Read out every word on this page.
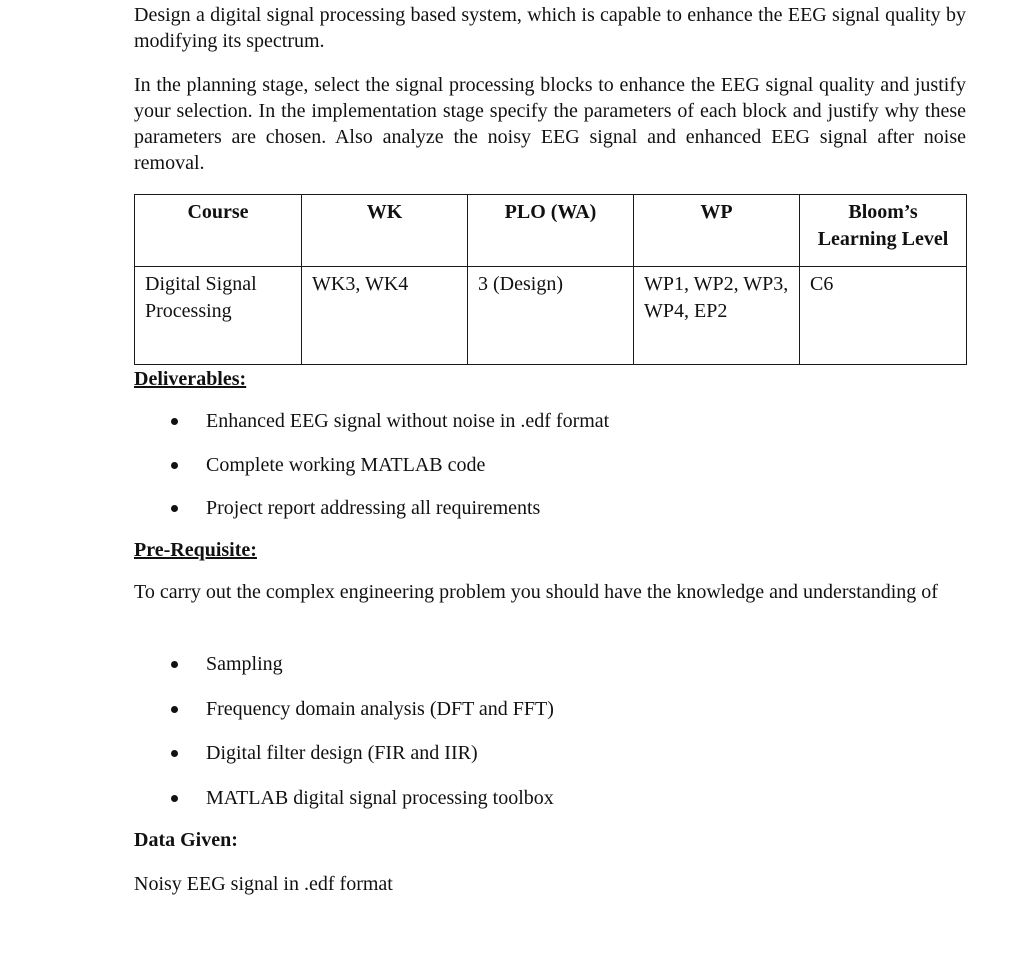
Design a digital signal processing based system, which is capable to enhance the EEG signal quality by modifying its spectrum.

In the planning stage, select the signal processing blocks to enhance the EEG signal quality and justify your selection. In the implementation stage specify the parameters of each block and justify why these parameters are chosen. Also analyze the noisy EEG signal and enhanced EEG signal after noise removal.

Course	WK	PLO (WA)	WP	Bloom’s Learning Level
Digital Signal Processing	WK3, WK4	3 (Design)	WP1, WP2, WP3, WP4, EP2	C6
Deliverables:
Enhanced EEG signal without noise in .edf format
Complete working MATLAB code
Project report addressing all requirements
Pre-Requisite:

To carry out the complex engineering problem you should have the knowledge and understanding of

Sampling
Frequency domain analysis (DFT and FFT)
Digital filter design (FIR and IIR)
MATLAB digital signal processing toolbox
Data Given:

Noisy EEG signal in .edf format
